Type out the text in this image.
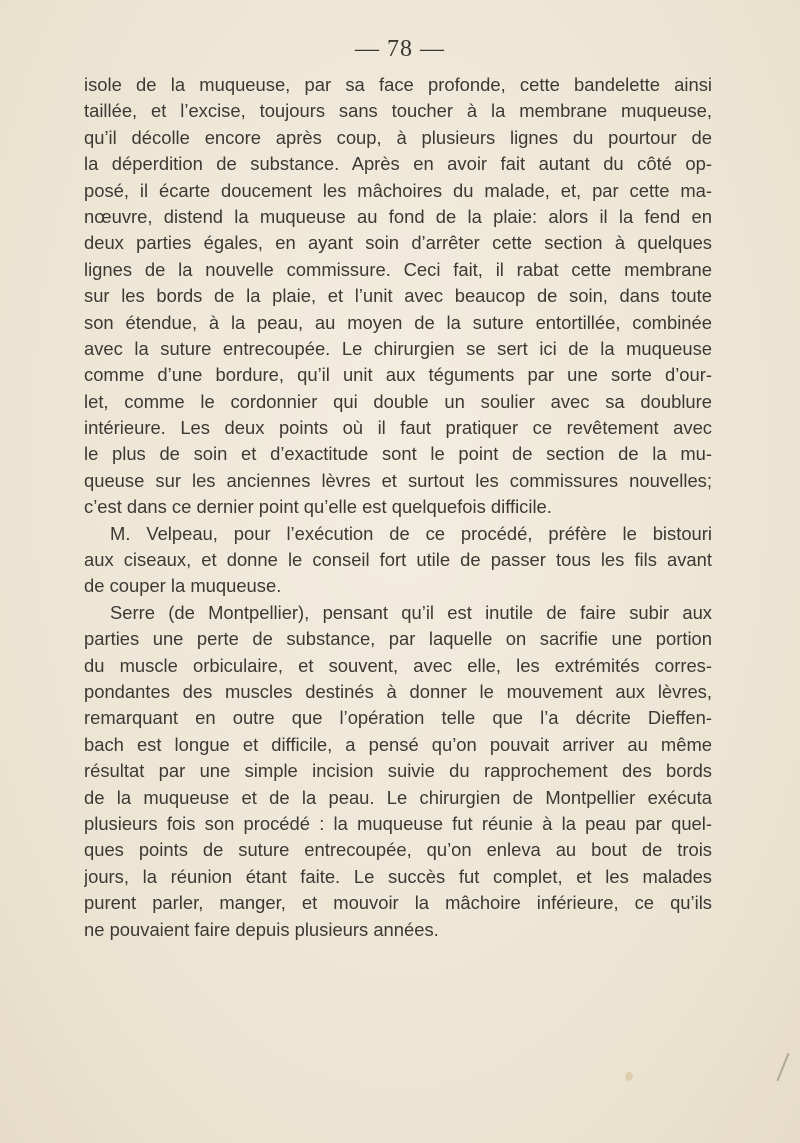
— 78 —
isole de la muqueuse, par sa face profonde, cette bandelette ainsi
taillée, et l’excise, toujours sans toucher à la membrane muqueuse,
qu’il décolle encore après coup, à plusieurs lignes du pourtour de
la déperdition de substance. Après en avoir fait autant du côté op-
posé, il écarte doucement les mâchoires du malade, et, par cette ma-
nœuvre, distend la muqueuse au fond de la plaie: alors il la fend en
deux parties égales, en ayant soin d’arrêter cette section à quelques
lignes de la nouvelle commissure. Ceci fait, il rabat cette membrane
sur les bords de la plaie, et l’unit avec beaucop de soin, dans toute
son étendue, à la peau, au moyen de la suture entortillée, combinée
avec la suture entrecoupée. Le chirurgien se sert ici de la muqueuse
comme d’une bordure, qu’il unit aux téguments par une sorte d’our-
let, comme le cordonnier qui double un soulier avec sa doublure
intérieure. Les deux points où il faut pratiquer ce revêtement avec
le plus de soin et d’exactitude sont le point de section de la mu-
queuse sur les anciennes lèvres et surtout les commissures nouvelles;
c’est dans ce dernier point qu’elle est quelquefois difficile.
M. Velpeau, pour l’exécution de ce procédé, préfère le bistouri
aux ciseaux, et donne le conseil fort utile de passer tous les fils avant
de couper la muqueuse.
Serre (de Montpellier), pensant qu’il est inutile de faire subir aux
parties une perte de substance, par laquelle on sacrifie une portion
du muscle orbiculaire, et souvent, avec elle, les extrémités corres-
pondantes des muscles destinés à donner le mouvement aux lèvres,
remarquant en outre que l’opération telle que l’a décrite Dieffen-
bach est longue et difficile, a pensé qu’on pouvait arriver au même
résultat par une simple incision suivie du rapprochement des bords
de la muqueuse et de la peau. Le chirurgien de Montpellier exécuta
plusieurs fois son procédé : la muqueuse fut réunie à la peau par quel-
ques points de suture entrecoupée, qu’on enleva au bout de trois
jours, la réunion étant faite. Le succès fut complet, et les malades
purent parler, manger, et mouvoir la mâchoire inférieure, ce qu’ils
ne pouvaient faire depuis plusieurs années.
